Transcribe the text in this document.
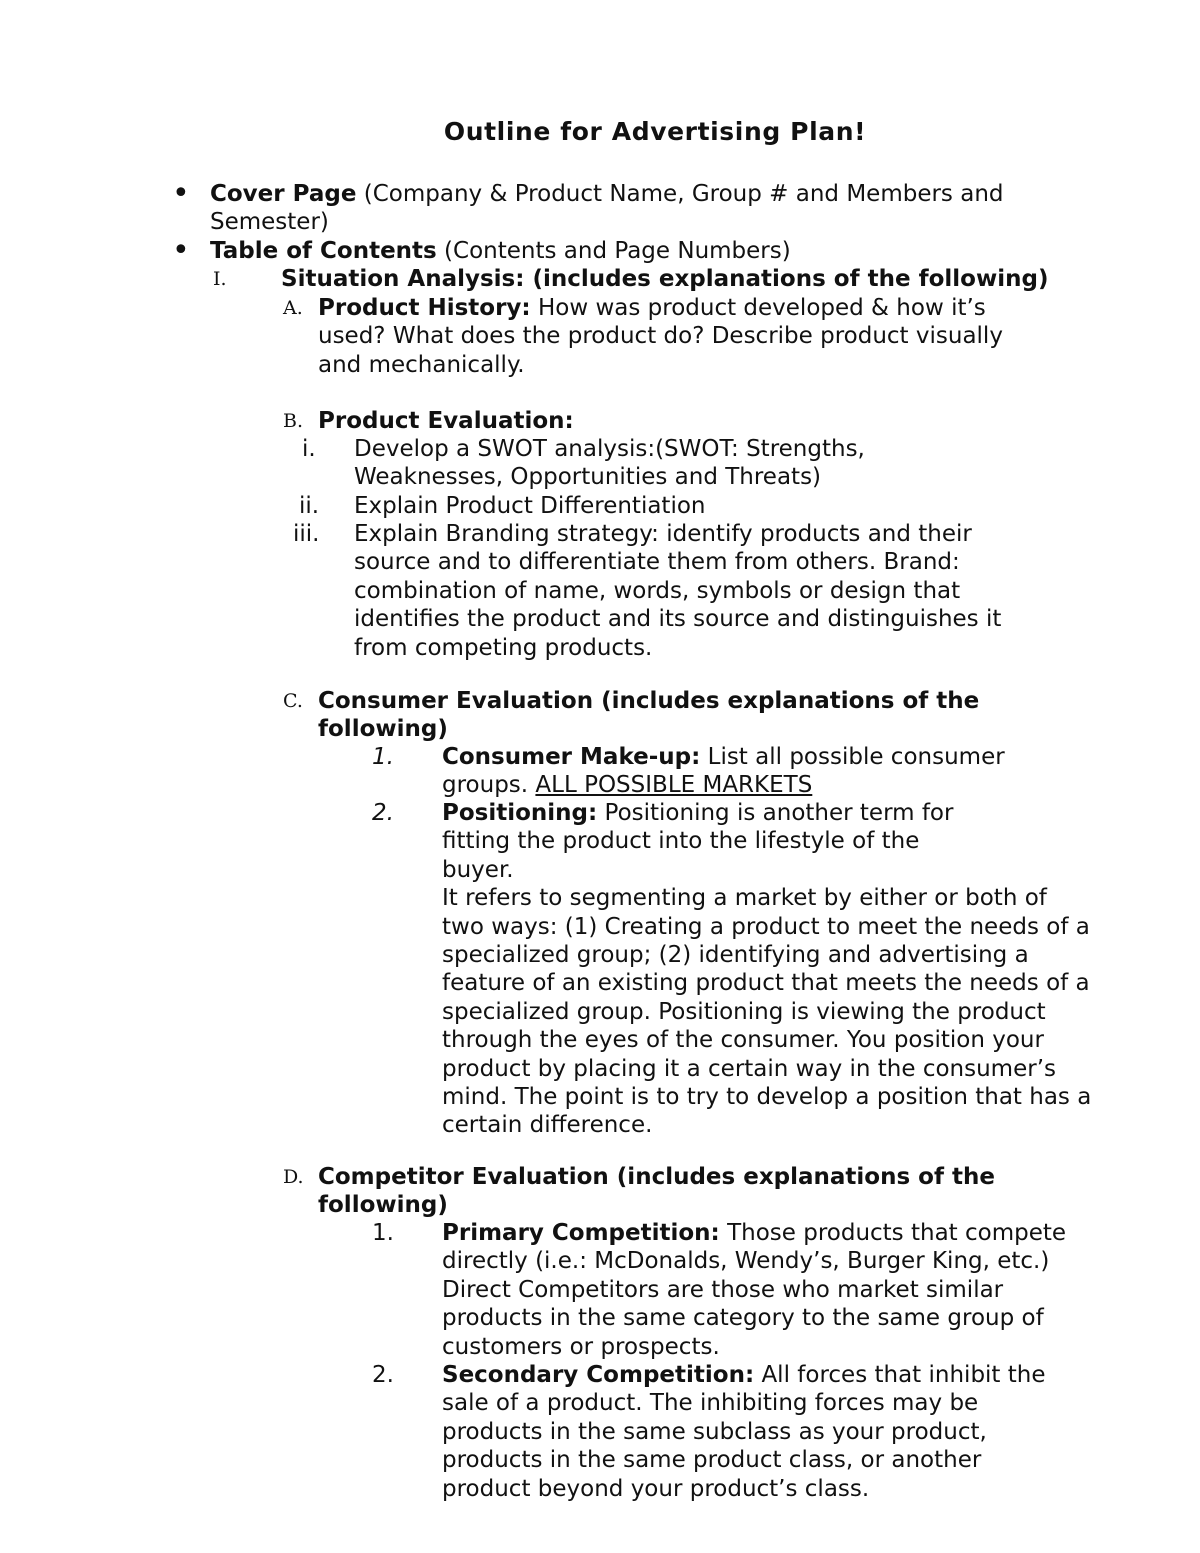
Outline for Advertising Plan!
• Cover Page (Company & Product Name, Group # and Members and Semester)
• Table of Contents (Contents and Page Numbers)
I. Situation Analysis: (includes explanations of the following)
A. Product History: How was product developed & how it’s used? What does the product do? Describe product visually and mechanically.
B. Product Evaluation:
i. Develop a SWOT analysis:(SWOT: Strengths, Weaknesses, Opportunities and Threats)
ii. Explain Product Differentiation
iii. Explain Branding strategy: identify products and their source and to differentiate them from others. Brand: combination of name, words, symbols or design that identifies the product and its source and distinguishes it from competing products.
C. Consumer Evaluation (includes explanations of the following)
1. Consumer Make-up: List all possible consumer groups. ALL POSSIBLE MARKETS
2. Positioning: Positioning is another term for
fitting the product into the lifestyle of the
buyer.
It refers to segmenting a market by either or both of two ways: (1) Creating a product to meet the needs of a specialized group; (2) identifying and advertising a feature of an existing product that meets the needs of a specialized group. Positioning is viewing the product through the eyes of the consumer. You position your product by placing it a certain way in the consumer’s mind. The point is to try to develop a position that has a certain difference.
D. Competitor Evaluation (includes explanations of the following)
1. Primary Competition: Those products that compete directly (i.e.: McDonalds, Wendy’s, Burger King, etc.) Direct Competitors are those who market similar products in the same category to the same group of customers or prospects.
2. Secondary Competition: All forces that inhibit the sale of a product. The inhibiting forces may be products in the same subclass as your product, products in the same product class, or another product beyond your product’s class.
